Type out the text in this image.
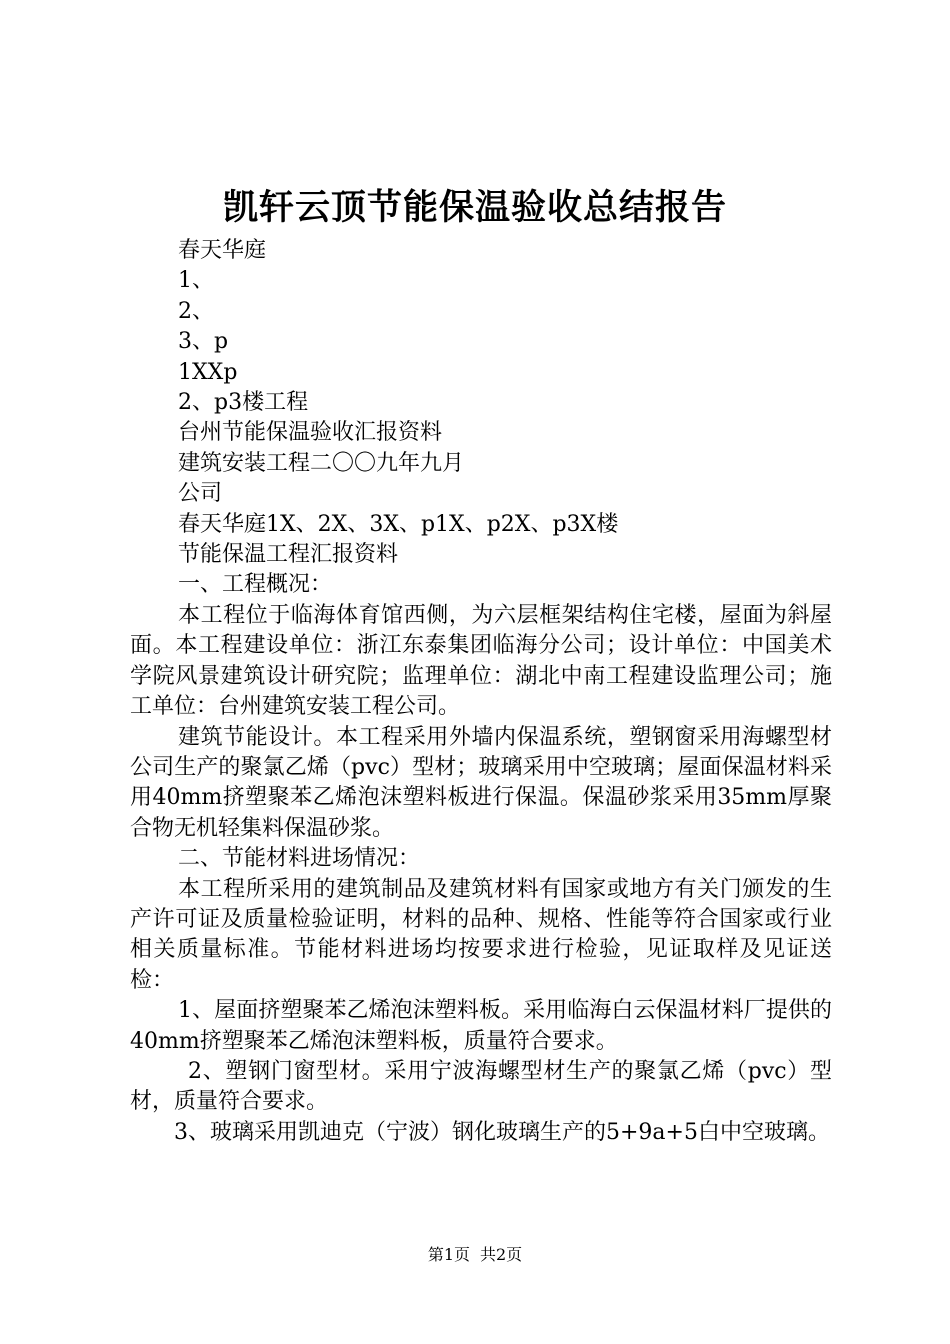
凯轩云顶节能保温验收总结报告

春天华庭

1、

2、

3、p

1XXp

2、p3楼工程

台州节能保温验收汇报资料

建筑安装工程二〇〇九年九月

公司

春天华庭1X、2X、3X、p1X、p2X、p3X楼

节能保温工程汇报资料

一、工程概况：

本工程位于临海体育馆西侧，为六层框架结构住宅楼，屋面为斜屋面。本工程建设单位：浙江东泰集团临海分公司；设计单位：中国美术学院风景建筑设计研究院；监理单位：湖北中南工程建设监理公司；施工单位：台州建筑安装工程公司。

建筑节能设计。本工程采用外墙内保温系统，塑钢窗采用海螺型材公司生产的聚氯乙烯（pvc）型材；玻璃采用中空玻璃；屋面保温材料采用40mm挤塑聚苯乙烯泡沫塑料板进行保温。保温砂浆采用35mm厚聚合物无机轻集料保温砂浆。

二、节能材料进场情况：

本工程所采用的建筑制品及建筑材料有国家或地方有关门颁发的生产许可证及质量检验证明，材料的品种、规格、性能等符合国家或行业相关质量标准。节能材料进场均按要求进行检验，见证取样及见证送检：

1、屋面挤塑聚苯乙烯泡沫塑料板。采用临海白云保温材料厂提供的40mm挤塑聚苯乙烯泡沫塑料板，质量符合要求。

2、塑钢门窗型材。采用宁波海螺型材生产的聚氯乙烯（pvc）型材，质量符合要求。

3、玻璃采用凯迪克（宁波）钢化玻璃生产的5+9a+5白中空玻璃。

第1页 共2页
